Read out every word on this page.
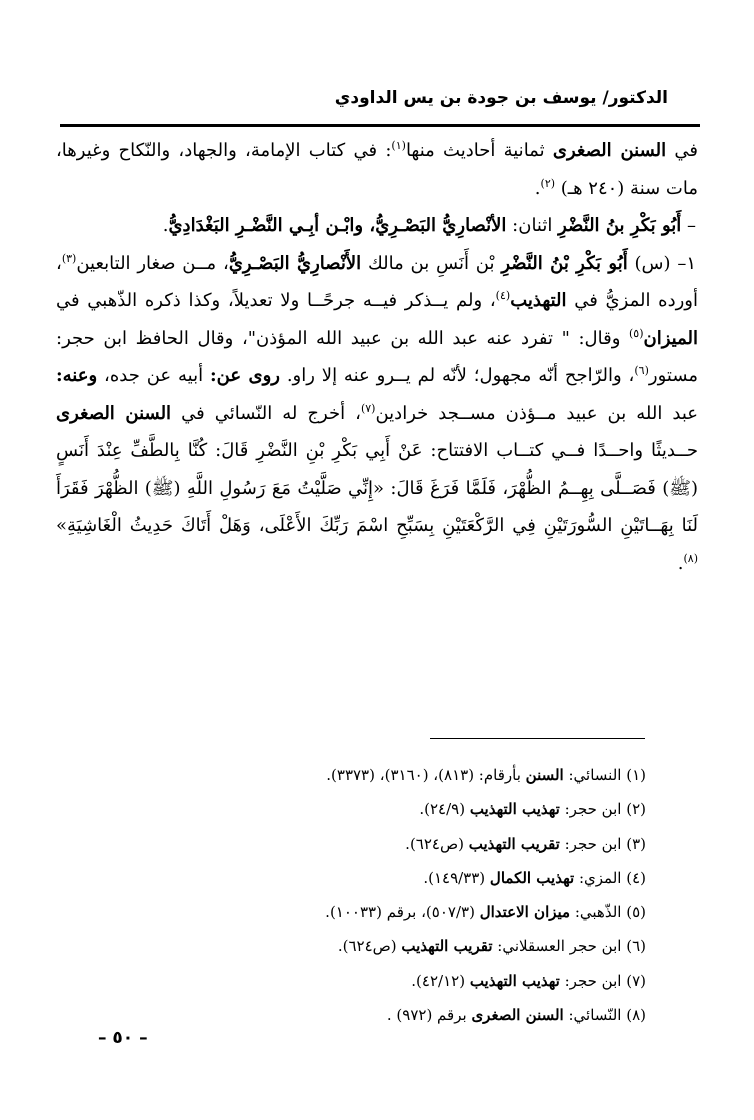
الدكتور/ يوسف بن جودة بن يس الداودي

في السنن الصغرى ثمانية أحاديث منها$^{(١)}$: في كتاب الإمامة، والجهاد، والنّكاح وغيرها، مات سنة (٢٤٠ هـ) $^{(٢)}$.

– أَبُو بَكْرِ بنُ النَّضْرِ اثنان: الأنْصارِيُّ البَصْـرِيُّ، وابْـن أبِـي النَّضْـرِ البَغْدَادِيُّ.

١– (س) أَبُو بَكْرِ بْنُ النَّضْرِ بْن أَنَسِ بن مالك الأَنْصارِيُّ البَصْـرِيُّ، مــن صغار التابعين$^{(٣)}$، أورده المزيُّ في التهذيب$^{(٤)}$، ولم يــذكر فيــه جرحًــا ولا تعديلاً، وكذا ذكره الذّهبي في الميزان$^{(٥)}$ وقال: " تفرد عنه عبد الله بن عبيد الله المؤذن"، وقال الحافظ ابن حجر: مستور$^{(٦)}$، والرّاجح أنّه مجهول؛ لأنّه لم يــرو عنه إلا راو. روى عن: أبيه عن جده، وعنه: عبد الله بن عبيد مــؤذن مســجد خرادين$^{(٧)}$، أخرج له النّسائي في السنن الصغرى حــديثًا واحــدًا فــي كتــاب الافتتاح: عَنْ أَبِي بَكْرِ بْنِ النَّضْرِ قَالَ: كُنَّا بِالطَّفِّ عِنْدَ أَنَسٍ (ﷺ) فَصَــلَّى بِهِــمُ الظُّهْرَ، فَلَمَّا فَرَغَ قَالَ: «إِنِّي صَلَّيْتُ مَعَ رَسُولِ اللَّهِ (ﷺ) الظُّهْرَ فَقَرَأَ لَنَا بِهَــاتَيْنِ السُّورَتَيْنِ فِي الرَّكْعَتَيْنِ بِسَبِّحِ اسْمَ رَبِّكَ الأَعْلَى، وَهَلْ أَتَاكَ حَدِيثُ الْغَاشِيَةِ» $^{(٨)}$.

(١) النسائي: السنن بأرقام: (٨١٣)، (٣١٦٠)، (٣٣٧٣).
(٢) ابن حجر: تهذيب التهذيب (٢٤/٩).
(٣) ابن حجر: تقريب التهذيب (ص٦٢٤).
(٤) المزي: تهذيب الكمال (١٤٩/٣٣).
(٥) الذّهبي: ميزان الاعتدال (٥٠٧/٣)، برقم (١٠٠٣٣).
(٦) ابن حجر العسقلاني: تقريب التهذيب (ص٦٢٤).
(٧) ابن حجر: تهذيب التهذيب (٤٢/١٢).
(٨) النّسائي: السنن الصغرى برقم (٩٧٢) .
– ٥٠ –
